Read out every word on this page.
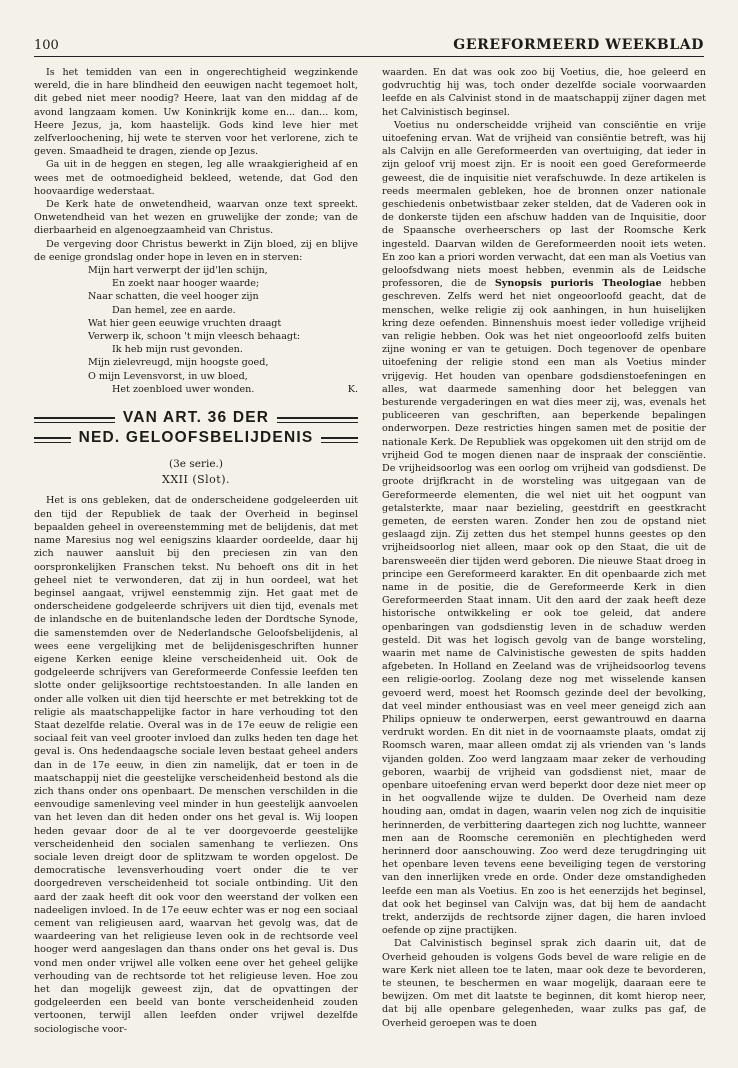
100	GEREFORMEERD WEEKBLAD

Is het temidden van een in ongerechtigheid wegzinkende wereld, die in hare blindheid den eeuwigen nacht tegemoet holt, dit gebed niet meer noodig? Heere, laat van den middag af de avond langzaam komen. Uw Koninkrijk kome en... dan... kom, Heere Jezus, ja, kom haastelijk. Gods kind leve hier met zelfverloochening, hij wete te sterven voor het verlorene, zich te geven. Smaadheid te dragen, ziende op Jezus.

Ga uit in de heggen en stegen, leg alle wraakgierigheid af en wees met de ootmoedigheid bekleed, wetende, dat God den hoovaardige wederstaat.

De Kerk hate de onwetendheid, waarvan onze text spreekt. Onwetendheid van het wezen en gruwelijke der zonde; van de dierbaarheid en algenoegzaamheid van Christus.

De vergeving door Christus bewerkt in Zijn bloed, zij en blijve de eenige grondslag onder hope in leven en in sterven:

Mijn hart verwerpt der ijd'len schijn,
En zoekt naar hooger waarde;
Naar schatten, die veel hooger zijn
Dan hemel, zee en aarde.
Wat hier geen eeuwige vruchten draagt
Verwerp ik, schoon 't mijn vleesch behaagt:
Ik heb mijn rust gevonden.
Mijn zielevreugd, mijn hoogste goed,
O mijn Levensvorst, in uw bloed,
Het zoenbloed uwer wonden.	K.
VAN ART. 36 DER
NED. GELOOFSBELIJDENIS
(3e serie.)
XXII (Slot).

Het is ons gebleken, dat de onderscheidene godgeleerden uit den tijd der Republiek de taak der Overheid in beginsel bepaalden geheel in overeenstemming met de belijdenis, dat met name Maresius nog wel eenigszins klaarder oordeelde, daar hij zich nauwer aansluit bij den preciesen zin van den oorspronkelijken Franschen tekst. Nu behoeft ons dit in het geheel niet te verwonderen, dat zij in hun oordeel, wat het beginsel aangaat, vrijwel eenstemmig zijn. Het gaat met de onderscheidene godgeleerde schrijvers uit dien tijd, evenals met de inlandsche en de buitenlandsche leden der Dordtsche Synode, die samenstemden over de Nederlandsche Geloofsbelijdenis, al wees eene vergelijking met de belijdenisgeschriften hunner eigene Kerken eenige kleine verscheidenheid uit. Ook de godgeleerde schrijvers van Gereformeerde Confessie leefden ten slotte onder gelijksoortige rechtstoestanden. In alle landen en onder alle volken uit dien tijd heerschte er met betrekking tot de religie als maatschappelijke factor in hare verhouding tot den Staat dezelfde relatie. Overal was in de 17e eeuw de religie een sociaal feit van veel grooter invloed dan zulks heden ten dage het geval is. Ons hedendaagsche sociale leven bestaat geheel anders dan in de 17e eeuw, in dien zin namelijk, dat er toen in de maatschappij niet die geestelijke verscheidenheid bestond als die zich thans onder ons openbaart. De menschen verschilden in die eenvoudige samenleving veel minder in hun geestelijk aanvoelen van het leven dan dit heden onder ons het geval is. Wij loopen heden gevaar door de al te ver doorgevoerde geestelijke verscheidenheid den socialen samenhang te verliezen. Ons sociale leven dreigt door de splitzwam te worden opgelost. De democratische levensverhouding voert onder die te ver doorgedreven verscheidenheid tot sociale ontbinding. Uit den aard der zaak heeft dit ook voor den weerstand der volken een nadeeligen invloed. In de 17e eeuw echter was er nog een sociaal cement van religieusen aard, waarvan het gevolg was, dat de waardeering van het religieuse leven ook in de rechtsorde veel hooger werd aangeslagen dan thans onder ons het geval is. Dus vond men onder vrijwel alle volken eene over het geheel gelijke verhouding van de rechtsorde tot het religieuse leven. Hoe zou het dan mogelijk geweest zijn, dat de opvattingen der godgeleerden een beeld van bonte verscheidenheid zouden vertoonen, terwijl allen leefden onder vrijwel dezelfde sociologische voor-

waarden. En dat was ook zoo bij Voetius, die, hoe geleerd en godvruchtig hij was, toch onder dezelfde sociale voorwaarden leefde en als Calvinist stond in de maatschappij zijner dagen met het Calvinistisch beginsel.

Voetius nu onderscheidde vrijheid van consciëntie en vrije uitoefening ervan. Wat de vrijheid van consiëntie betreft, was hij als Calvijn en alle Gereformeerden van overtuiging, dat ieder in zijn geloof vrij moest zijn. Er is nooit een goed Gereformeerde geweest, die de inquisitie niet verafschuwde. In deze artikelen is reeds meermalen gebleken, hoe de bronnen onzer nationale geschiedenis onbetwistbaar zeker stelden, dat de Vaderen ook in de donkerste tijden een afschuw hadden van de Inquisitie, door de Spaansche overheerschers op last der Roomsche Kerk ingesteld. Daarvan wilden de Gereformeerden nooit iets weten. En zoo kan a priori worden verwacht, dat een man als Voetius van geloofsdwang niets moest hebben, evenmin als de Leidsche professoren, die de Synopsis purioris Theologiae hebben geschreven. Zelfs werd het niet ongeoorloofd geacht, dat de menschen, welke religie zij ook aanhingen, in hun huiselijken kring deze oefenden. Binnenshuis moest ieder volledige vrijheid van religie hebben. Ook was het niet ongeoorloofd zelfs buiten zijne woning er van te getuigen. Doch tegenover de openbare uitoefening der religie stond een man als Voetius minder vrijgevig. Het houden van openbare godsdienstoefeningen en alles, wat daarmede samenhing door het beleggen van besturende vergaderingen en wat dies meer zij, was, evenals het publiceeren van geschriften, aan beperkende bepalingen onderworpen. Deze restricties hingen samen met de positie der nationale Kerk. De Republiek was opgekomen uit den strijd om de vrijheid God te mogen dienen naar de inspraak der consciëntie. De vrijheidsoorlog was een oorlog om vrijheid van godsdienst. De groote drijfkracht in de worsteling was uitgegaan van de Gereformeerde elementen, die wel niet uit het oogpunt van getalsterkte, maar naar bezieling, geestdrift en geestkracht gemeten, de eersten waren. Zonder hen zou de opstand niet geslaagd zijn. Zij zetten dus het stempel hunns geestes op den vrijheidsoorlog niet alleen, maar ook op den Staat, die uit de barensweeën dier tijden werd geboren. Die nieuwe Staat droeg in principe een Gereformeerd karakter. En dit openbaarde zich met name in de positie, die de Gereformeerde Kerk in dien Gereformeerden Staat innam. Uit den aard der zaak heeft deze historische ontwikkeling er ook toe geleid, dat andere openbaringen van godsdienstig leven in de schaduw werden gesteld. Dit was het logisch gevolg van de bange worsteling, waarin met name de Calvinistische gewesten de spits hadden afgebeten. In Holland en Zeeland was de vrijheidsoorlog tevens een religie-oorlog. Zoolang deze nog met wisselende kansen gevoerd werd, moest het Roomsch gezinde deel der bevolking, dat veel minder enthousiast was en veel meer geneigd zich aan Philips opnieuw te onderwerpen, eerst gewantrouwd en daarna verdrukt worden. En dit niet in de voornaamste plaats, omdat zij Roomsch waren, maar alleen omdat zij als vrienden van 's lands vijanden golden. Zoo werd langzaam maar zeker de verhouding geboren, waarbij de vrijheid van godsdienst niet, maar de openbare uitoefening ervan werd beperkt door deze niet meer op in het oogvallende wijze te dulden. De Overheid nam deze houding aan, omdat in dagen, waarin velen nog zich de inquisitie herinnerden, de verbittering daartegen zich nog luchtte, wanneer men aan de Roomsche ceremoniën en plechtigheden werd herinnerd door aanschouwing. Zoo werd deze terugdringing uit het openbare leven tevens eene beveiliging tegen de verstoring van den innerlijken vrede en orde. Onder deze omstandigheden leefde een man als Voetius. En zoo is het eenerzijds het beginsel, dat ook het beginsel van Calvijn was, dat bij hem de aandacht trekt, anderzijds de rechtsorde zijner dagen, die haren invloed oefende op zijne practijken.

Dat Calvinistisch beginsel sprak zich daarin uit, dat de Overheid gehouden is volgens Gods bevel de ware religie en de ware Kerk niet alleen toe te laten, maar ook deze te bevorderen, te steunen, te beschermen en waar mogelijk, daaraan eere te bewijzen. Om met dit laatste te beginnen, dit komt hierop neer, dat bij alle openbare gelegenheden, waar zulks pas gaf, de Overheid geroepen was te doen
